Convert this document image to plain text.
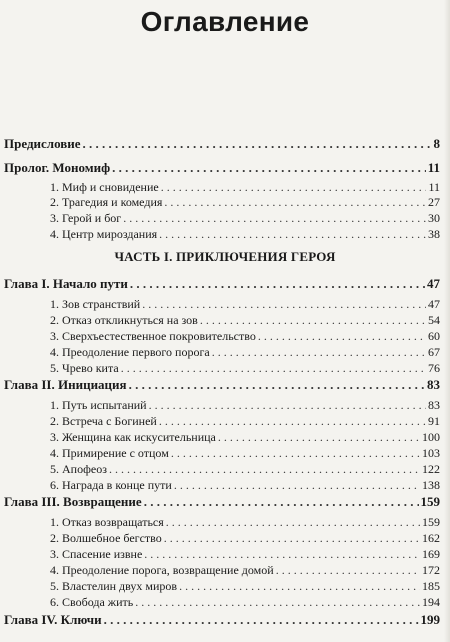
Оглавление
Предисловие . . .	8
Пролог. Мономиф . . .	11
1. Миф и сновидение . . .	11
2. Трагедия и комедия . . .	27
3. Герой и бог . . .	30
4. Центр мироздания . . .	38
ЧАСТЬ I. ПРИКЛЮЧЕНИЯ ГЕРОЯ
Глава I. Начало пути . . .	47
1. Зов странствий . . .	47
2. Отказ откликнуться на зов . . .	54
3. Сверхъестественное покровительство . . .	60
4. Преодоление первого порога . . .	67
5. Чрево кита . . .	76
Глава II. Инициация . . .	83
1. Путь испытаний . . .	83
2. Встреча с Богиней . . .	91
3. Женщина как искусительница . . .	100
4. Примирение с отцом . . .	103
5. Апофеоз . . .	122
6. Награда в конце пути . . .	138
Глава III. Возвращение . . .	159
1. Отказ возвращаться . . .	159
2. Волшебное бегство . . .	162
3. Спасение извне . . .	169
4. Преодоление порога, возвращение домой . . .	172
5. Властелин двух миров . . .	185
6. Свобода жить . . .	194
Глава IV. Ключи . . .	199
